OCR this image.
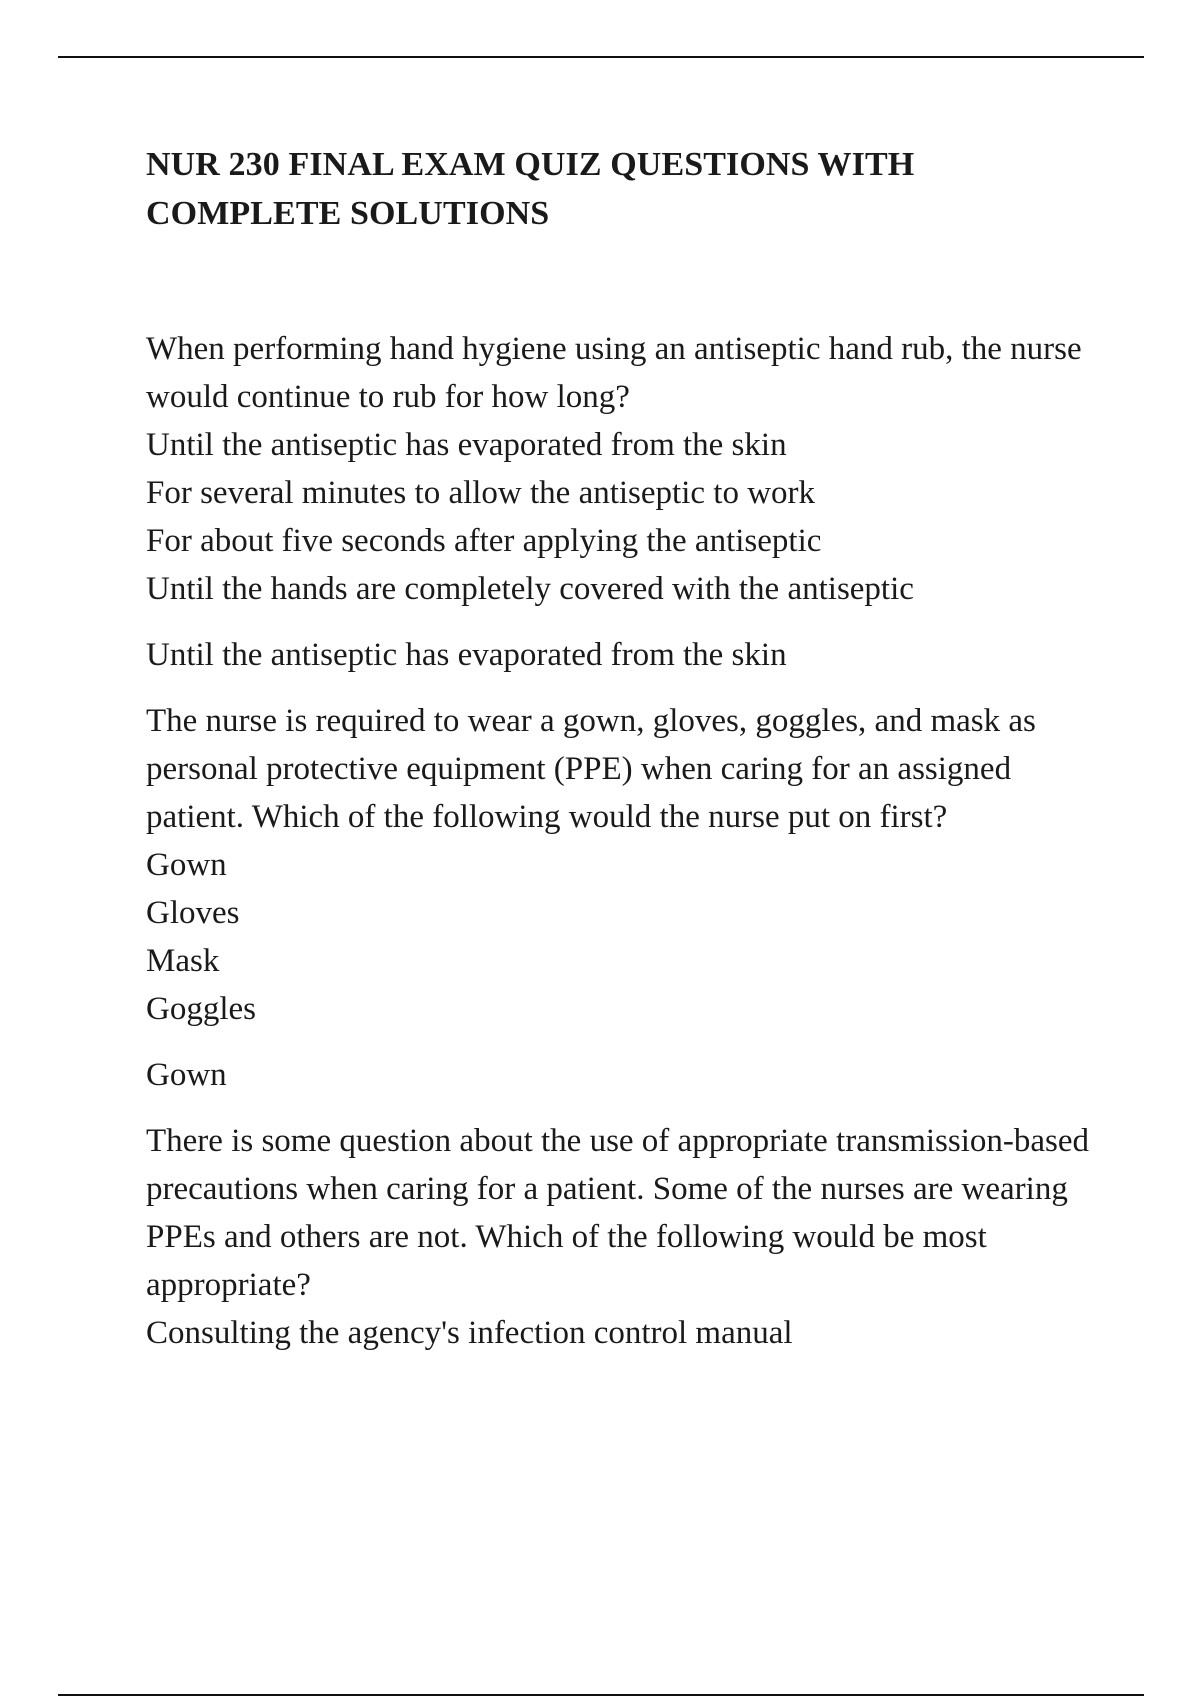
NUR 230 FINAL EXAM QUIZ QUESTIONS WITH COMPLETE SOLUTIONS

When performing hand hygiene using an antiseptic hand rub, the nurse would continue to rub for how long?

Until the antiseptic has evaporated from the skin

For several minutes to allow the antiseptic to work

For about five seconds after applying the antiseptic

Until the hands are completely covered with the antiseptic

Until the antiseptic has evaporated from the skin

The nurse is required to wear a gown, gloves, goggles, and mask as personal protective equipment (PPE) when caring for an assigned patient. Which of the following would the nurse put on first?

Gown

Gloves

Mask

Goggles

Gown

There is some question about the use of appropriate transmission-based precautions when caring for a patient. Some of the nurses are wearing PPEs and others are not. Which of the following would be most appropriate?

Consulting the agency's infection control manual
